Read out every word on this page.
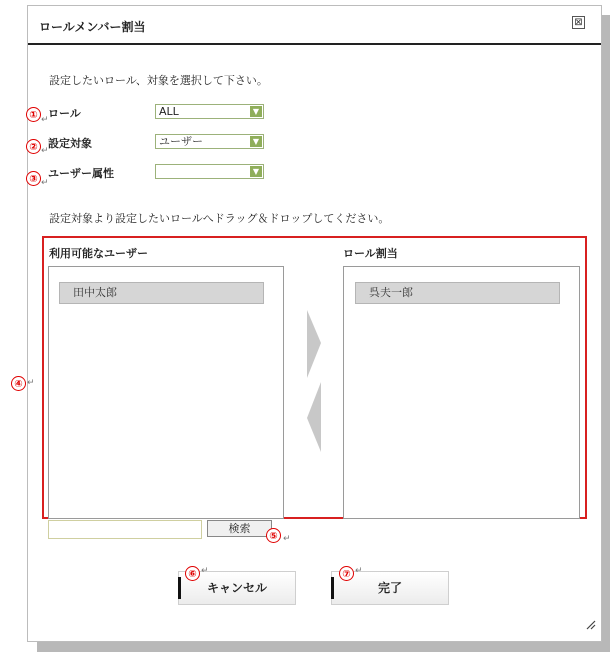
ロールメンバー割当	⊠
設定したいロール、対象を選択して下さい。
① ↵ ロール	ALL	▼
② ↵
設定対象	ユーザー	▼
③ ↵
ユーザー属性	▼
設定対象より設定したいロールへドラッグ＆ドロップしてください。
④ ↵
利用可能なユーザー
田中太郎
ロール割当
呉夫一郎
検索
⑤ ↵
キャンセル
⑥ ↵
完了
⑦ ↵
